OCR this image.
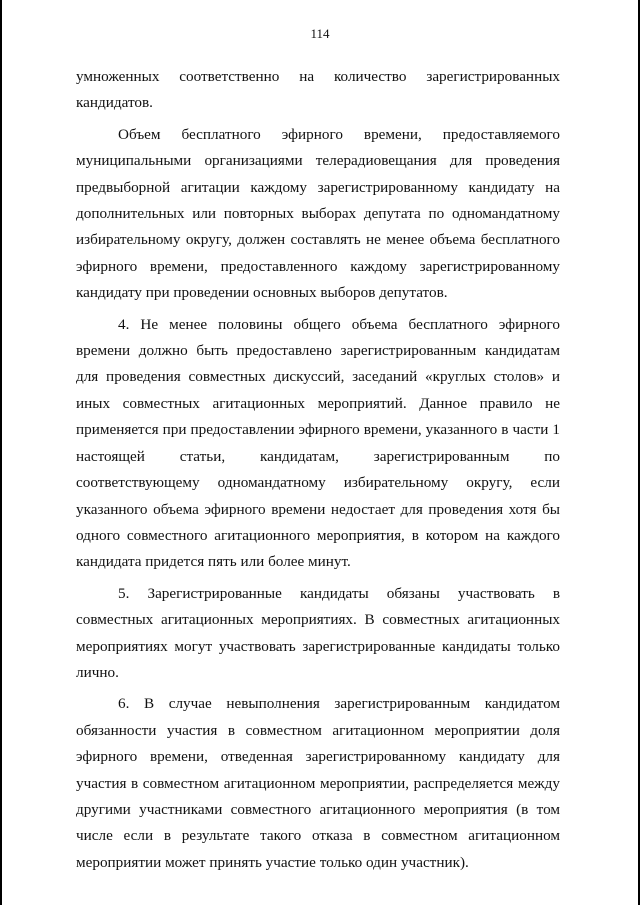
114

умноженных соответственно на количество зарегистрированных кандидатов.

Объем бесплатного эфирного времени, предоставляемого муниципальными организациями телерадиовещания для проведения предвыборной агитации каждому зарегистрированному кандидату на дополнительных или повторных выборах депутата по одномандатному избирательному округу, должен составлять не менее объема бесплатного эфирного времени, предоставленного каждому зарегистрированному кандидату при проведении основных выборов депутатов.

4. Не менее половины общего объема бесплатного эфирного времени должно быть предоставлено зарегистрированным кандидатам для проведения совместных дискуссий, заседаний «круглых столов» и иных совместных агитационных мероприятий. Данное правило не применяется при предоставлении эфирного времени, указанного в части 1 настоящей статьи, кандидатам, зарегистрированным по соответствующему одномандатному избирательному округу, если указанного объема эфирного времени недостает для проведения хотя бы одного совместного агитационного мероприятия, в котором на каждого кандидата придется пять или более минут.

5. Зарегистрированные кандидаты обязаны участвовать в совместных агитационных мероприятиях. В совместных агитационных мероприятиях могут участвовать зарегистрированные кандидаты только лично.

6. В случае невыполнения зарегистрированным кандидатом обязанности участия в совместном агитационном мероприятии доля эфирного времени, отведенная зарегистрированному кандидату для участия в совместном агитационном мероприятии, распределяется между другими участниками совместного агитационного мероприятия (в том числе если в результате такого отказа в совместном агитационном мероприятии может принять участие только один участник).
